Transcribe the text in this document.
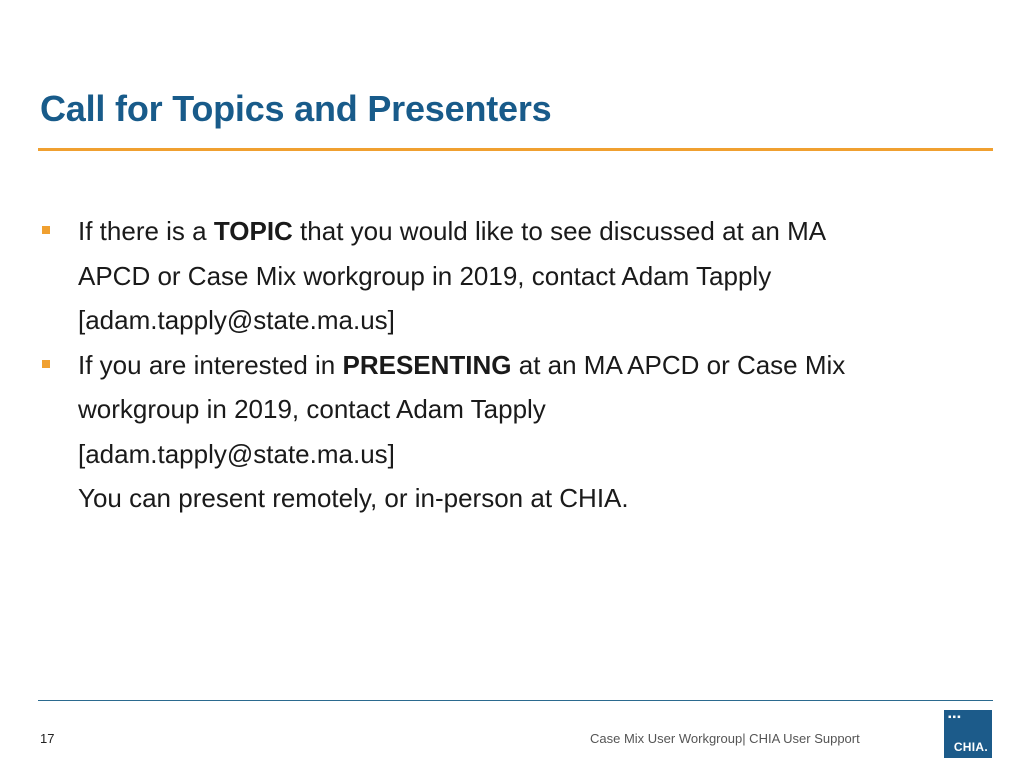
Call for Topics and Presenters
If there is a TOPIC that you would like to see discussed at an MA
APCD or Case Mix workgroup in 2019, contact Adam Tapply
[adam.tapply@state.ma.us]
If you are interested in PRESENTING at an MA APCD or Case Mix
workgroup in 2019, contact Adam Tapply
[adam.tapply@state.ma.us]
You can present remotely, or in-person at CHIA.
17	Case Mix User Workgroup| CHIA User Support
▪▪▪
CHIA.
